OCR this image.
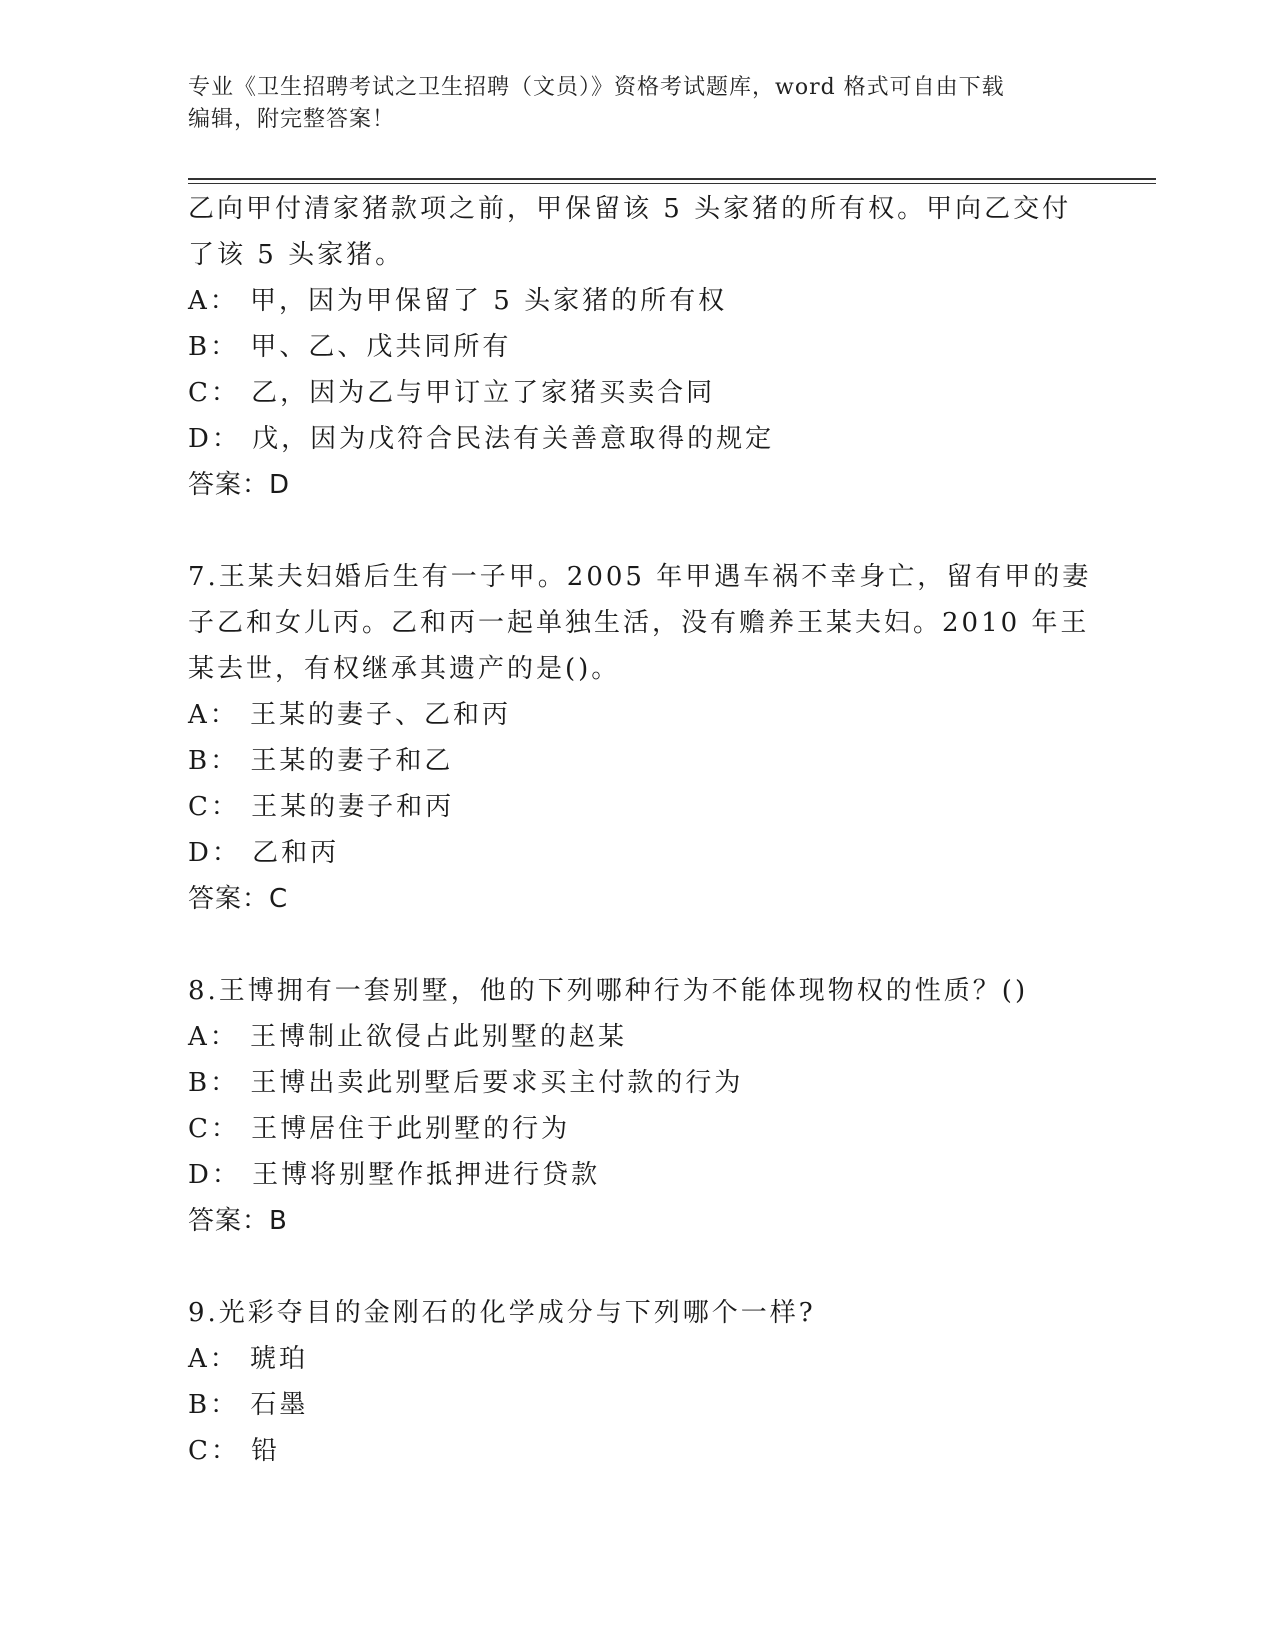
专业《卫生招聘考试之卫生招聘（文员）》资格考试题库，word 格式可自由下载
编辑，附完整答案！
乙向甲付清家猪款项之前，甲保留该 5 头家猪的所有权。甲向乙交付
了该 5 头家猪。
A： 甲，因为甲保留了 5 头家猪的所有权
B： 甲、乙、戊共同所有
C： 乙，因为乙与甲订立了家猪买卖合同
D： 戊，因为戊符合民法有关善意取得的规定
答案：D
7.王某夫妇婚后生有一子甲。2005 年甲遇车祸不幸身亡，留有甲的妻
子乙和女儿丙。乙和丙一起单独生活，没有赡养王某夫妇。2010 年王
某去世，有权继承其遗产的是()。
A： 王某的妻子、乙和丙
B： 王某的妻子和乙
C： 王某的妻子和丙
D： 乙和丙
答案：C
8.王博拥有一套别墅，他的下列哪种行为不能体现物权的性质？()
A： 王博制止欲侵占此别墅的赵某
B： 王博出卖此别墅后要求买主付款的行为
C： 王博居住于此别墅的行为
D： 王博将别墅作抵押进行贷款
答案：B
9.光彩夺目的金刚石的化学成分与下列哪个一样?
A： 琥珀
B： 石墨
C： 铅
